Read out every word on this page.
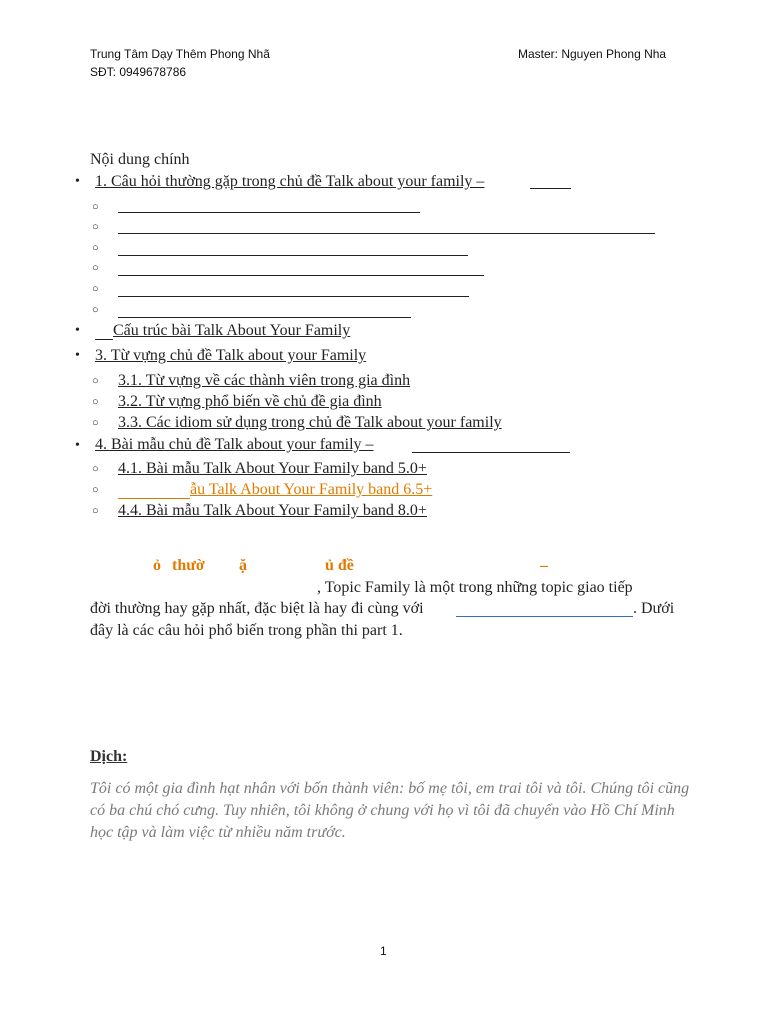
Trung Tâm Dạy Thêm Phong Nhã
SĐT: 0949678786
Master: Nguyen Phong Nha
Nội dung chính
• 1. Câu hỏi thường gặp trong chủ đề Talk about your family –
○
○
○
○
○
○
• Cấu trúc bài Talk About Your Family
• 3. Từ vựng chủ đề Talk about your Family
○ 3.1. Từ vựng về các thành viên trong gia đình
○ 3.2. Từ vựng phổ biến về chủ đề gia đình
○ 3.3. Các idiom sử dụng trong chủ đề Talk about your family
• 4. Bài mẫu chủ đề Talk about your family –
○ 4.1. Bài mẫu Talk About Your Family band 5.0+
○	ẫu Talk About Your Family band 6.5+
○ 4.4. Bài mẫu Talk About Your Family band 8.0+
ỏ thườ ặ	ủ đề	–
, Topic Family là một trong những topic giao tiếp
đời thường hay gặp nhất, đặc biệt là hay đi cùng với	. Dưới
đây là các câu hỏi phổ biến trong phần thi part 1.
Dịch:
Tôi có một gia đình hạt nhân với bốn thành viên: bố mẹ tôi, em trai tôi và tôi. Chúng tôi cũng có ba chú chó cưng. Tuy nhiên, tôi không ở chung với họ vì tôi đã chuyển vào Hồ Chí Minh học tập và làm việc từ nhiều năm trước.
1
